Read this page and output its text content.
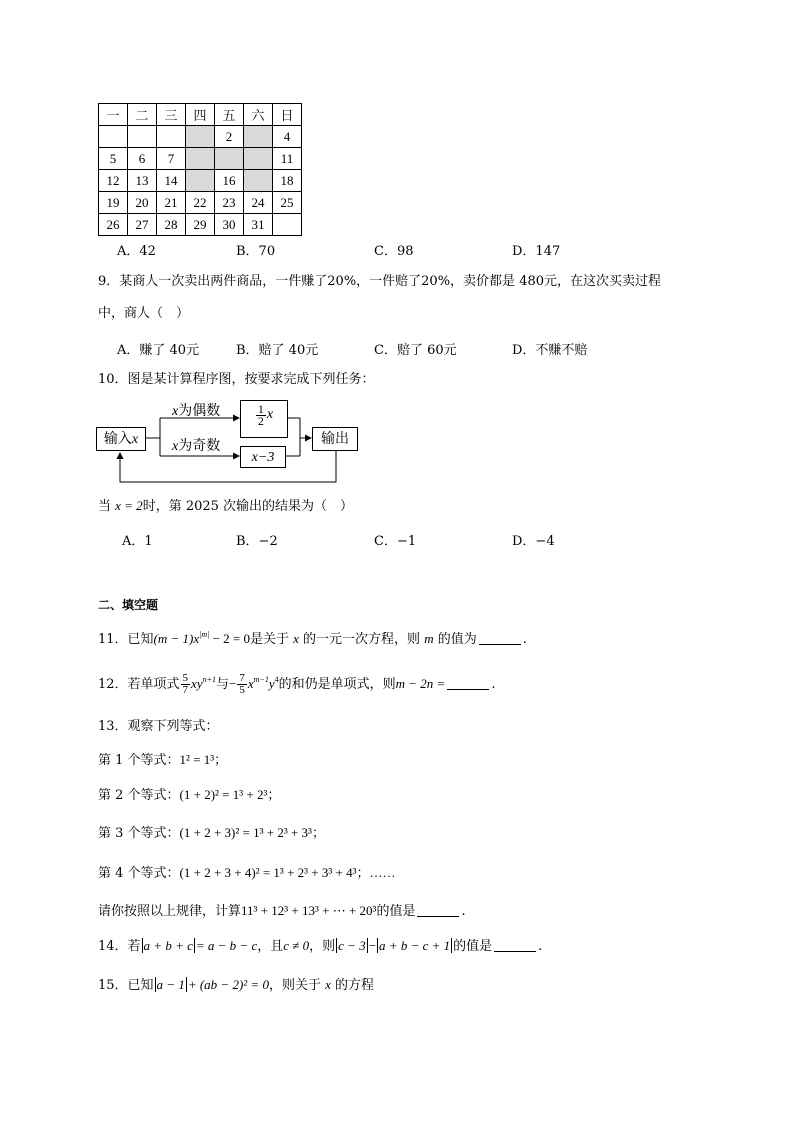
一	二	三	四	五	六	日
				2		4
5	6	7				11
12	13	14		16		18
19	20	21	22	23	24	25
26	27	28	29	30	31	
A．42	B．70	C．98	D．147
9．某商人一次卖出两件商品，一件赚了20%，一件赔了20%，卖价都是 480元，在这次买卖过程
中，商人（　）
A．赚了 40元	B．赔了 40元	C．赔了 60元	D．不赚不赔
10．图是某计算程序图，按要求完成下列任务：
输入x
x为偶数
x为奇数
$\frac{1}{2}$ x
x−3
输出
当 x = 2时，第 2025 次输出的结果为（　）
A．1	B．−2	C．−1	D．−4
二、填空题
11．已知$(m - 1)x^{|m|} - 2 = 0$是关于 x 的一元一次方程，则 m 的值为	.
12．若单项式 $\frac{5}{7} xy^{n+1}$与− $\frac{7}{5} x^{m-1}y^4$的和仍是单项式，则m − 2n =	.
13．观察下列等式：
第 1 个等式：1² = 1³；
第 2 个等式：(1 + 2)² = 1³ + 2³；
第 3 个等式：(1 + 2 + 3)² = 1³ + 2³ + 3³；
第 4 个等式：(1 + 2 + 3 + 4)² = 1³ + 2³ + 3³ + 4³；……
请你按照以上规律，计算11³ + 12³ + 13³ + ⋯ + 20³的值是	.
14．若 a + b + c = a − b − c，且c ≠ 0，则 c − 3 − a + b − c + 1 的值是	.
15．已知 a − 1 + (ab − 2)² = 0，则关于 x 的方程
